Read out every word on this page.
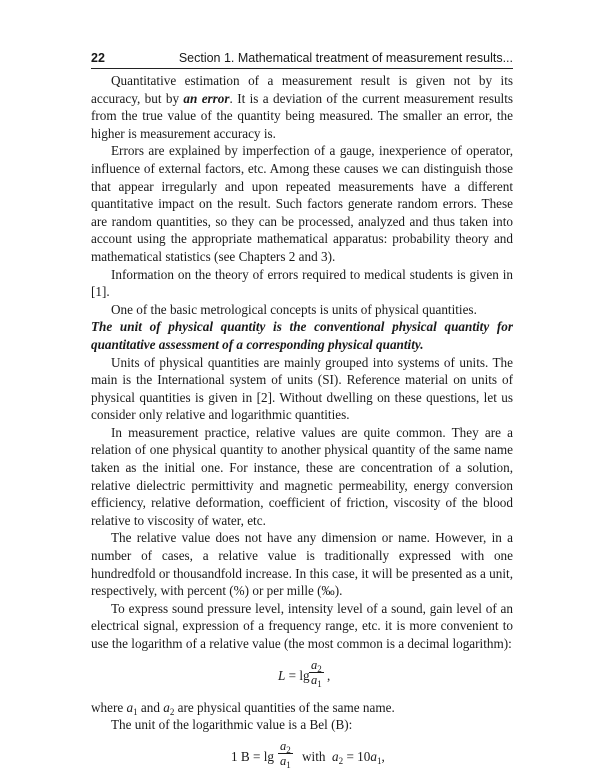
22	Section 1. Mathematical treatment of measurement results...

Quantitative estimation of a measurement result is given not by its accuracy, but by an error. It is a deviation of the current measurement results from the true value of the quantity being measured. The smaller an error, the higher is measurement accuracy is.

Errors are explained by imperfection of a gauge, inexperience of operator, influence of external factors, etc. Among these causes we can distinguish those that appear irregularly and upon repeated measurements have a different quantitative impact on the result. Such factors generate random errors. These are random quantities, so they can be processed, analyzed and thus taken into account using the appropriate mathematical apparatus: probability theory and mathematical statistics (see Chapters 2 and 3).

Information on the theory of errors required to medical students is given in [1].

One of the basic metrological concepts is units of physical quantities.

The unit of physical quantity is the conventional physical quantity for quantitative assessment of a corresponding physical quantity.

Units of physical quantities are mainly grouped into systems of units. The main is the International system of units (SI). Reference material on units of physical quantities is given in [2]. Without dwelling on these questions, let us consider only relative and logarithmic quantities.

In measurement practice, relative values are quite common. They are a relation of one physical quantity to another physical quantity of the same name taken as the initial one. For instance, these are concentration of a solution, relative dielectric permittivity and magnetic permeability, energy conversion efficiency, relative deformation, coefficient of friction, viscosity of the blood relative to viscosity of water, etc.

The relative value does not have any dimension or name. However, in a number of cases, a relative value is traditionally expressed with one hundredfold or thousandfold increase. In this case, it will be presented as a unit, respectively, with percent (%) or per mille (‰).

To express sound pressure level, intensity level of a sound, gain level of an electrical signal, expression of a frequency range, etc. it is more convenient to use the logarithm of a relative value (the most common is a decimal logarithm):

$L = \lg \frac{a_2}{a_1}$ ,

where $a_1$ and $a_2$ are physical quantities of the same name.

The unit of the logarithmic value is a Bel (B):

1 $B = \lg \frac{a_2}{a_1}$ with $a_2 = 10a_1$,
